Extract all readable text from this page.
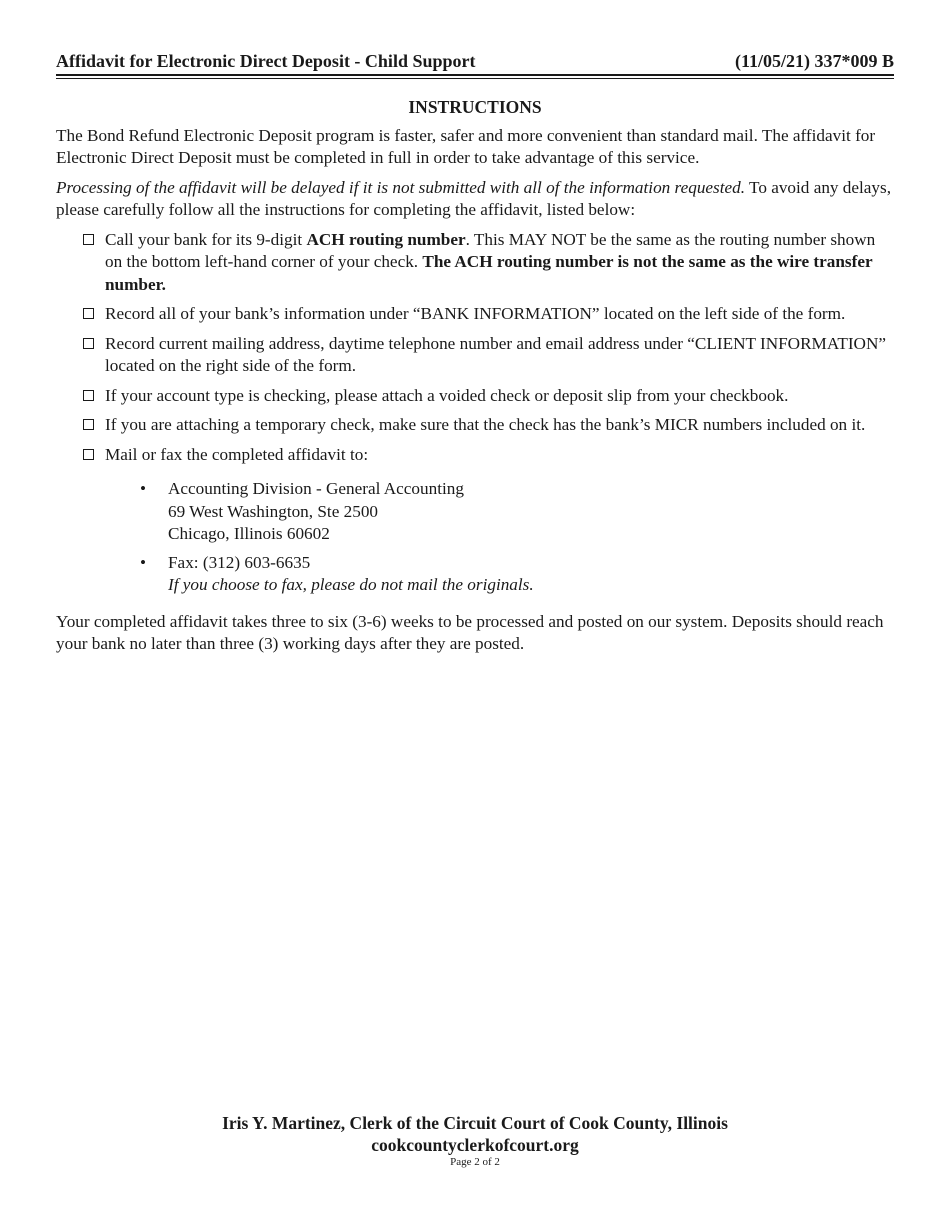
Affidavit for Electronic Direct Deposit - Child Support	(11/05/21) 337*009 B
INSTRUCTIONS

The Bond Refund Electronic Deposit program is faster, safer and more convenient than standard mail. The affidavit for Electronic Direct Deposit must be completed in full in order to take advantage of this service.

Processing of the affidavit will be delayed if it is not submitted with all of the information requested. To avoid any delays, please carefully follow all the instructions for completing the affidavit, listed below:

Call your bank for its 9-digit ACH routing number. This MAY NOT be the same as the routing number shown on the bottom left-hand corner of your check. The ACH routing number is not the same as the wire transfer number.
Record all of your bank’s information under “BANK INFORMATION” located on the left side of the form.
Record current mailing address, daytime telephone number and email address under “CLIENT INFORMATION” located on the right side of the form.
If your account type is checking, please attach a voided check or deposit slip from your checkbook.
If you are attaching a temporary check, make sure that the check has the bank’s MICR numbers included on it.
Mail or fax the completed affidavit to:
• Accounting Division - General Accounting
69 West Washington, Ste 2500
Chicago, Illinois 60602
• Fax: (312) 603-6635
If you choose to fax, please do not mail the originals.

Your completed affidavit takes three to six (3-6) weeks to be processed and posted on our system. Deposits should reach your bank no later than three (3) working days after they are posted.

Iris Y. Martinez, Clerk of the Circuit Court of Cook County, Illinois
cookcountyclerkofcourt.org
Page 2 of 2
